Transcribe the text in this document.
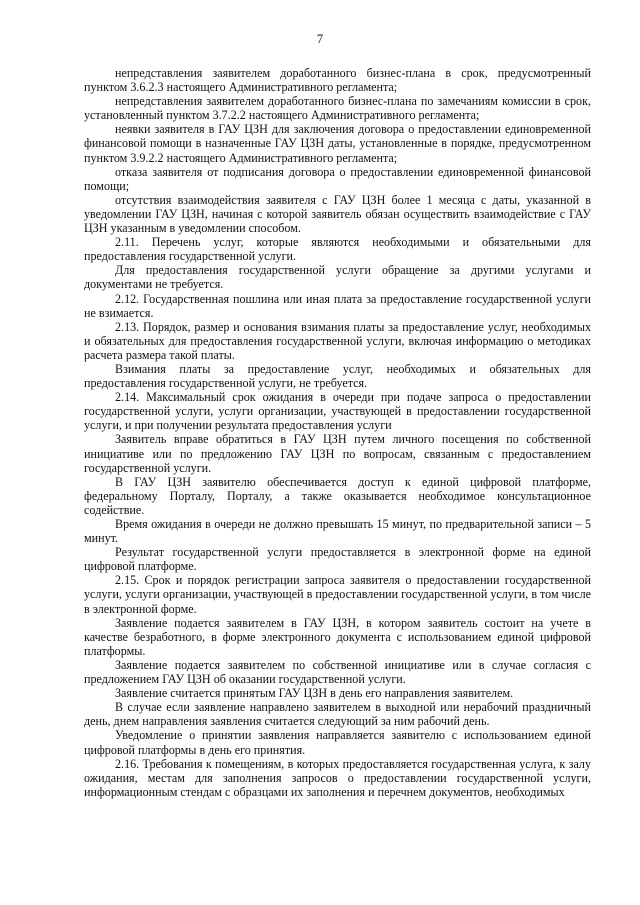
7

непредставления заявителем доработанного бизнес-плана в срок, предусмотренный пунктом 3.6.2.3 настоящего Административного регламента;

непредставления заявителем доработанного бизнес-плана по замечаниям комиссии в срок, установленный пунктом 3.7.2.2 настоящего Административного регламента;

неявки заявителя в ГАУ ЦЗН для заключения договора о предоставлении единовременной финансовой помощи в назначенные ГАУ ЦЗН даты, установленные в порядке, предусмотренном пунктом 3.9.2.2 настоящего Административного регламента;

отказа заявителя от подписания договора о предоставлении единовременной финансовой помощи;

отсутствия взаимодействия заявителя с ГАУ ЦЗН более 1 месяца с даты, указанной в уведомлении ГАУ ЦЗН, начиная с которой заявитель обязан осуществить взаимодействие с ГАУ ЦЗН указанным в уведомлении способом.

2.11. Перечень услуг, которые являются необходимыми и обязательными для предоставления государственной услуги.

Для предоставления государственной услуги обращение за другими услугами и документами не требуется.

2.12. Государственная пошлина или иная плата за предоставление государственной услуги не взимается.

2.13. Порядок, размер и основания взимания платы за предоставление услуг, необходимых и обязательных для предоставления государственной услуги, включая информацию о методиках расчета размера такой платы.

Взимания платы за предоставление услуг, необходимых и обязательных для предоставления государственной услуги, не требуется.

2.14. Максимальный срок ожидания в очереди при подаче запроса о предоставлении государственной услуги, услуги организации, участвующей в предоставлении государственной услуги, и при получении результата предоставления услуги

Заявитель вправе обратиться в ГАУ ЦЗН путем личного посещения по собственной инициативе или по предложению ГАУ ЦЗН по вопросам, связанным с предоставлением государственной услуги.

В ГАУ ЦЗН заявителю обеспечивается доступ к единой цифровой платформе, федеральному Порталу, Порталу, а также оказывается необходимое консультационное содействие.

Время ожидания в очереди не должно превышать 15 минут, по предварительной записи – 5 минут.

Результат государственной услуги предоставляется в электронной форме на единой цифровой платформе.

2.15. Срок и порядок регистрации запроса заявителя о предоставлении государственной услуги, услуги организации, участвующей в предоставлении государственной услуги, в том числе в электронной форме.

Заявление подается заявителем в ГАУ ЦЗН, в котором заявитель состоит на учете в качестве безработного, в форме электронного документа с использованием единой цифровой платформы.

Заявление подается заявителем по собственной инициативе или в случае согласия с предложением ГАУ ЦЗН об оказании государственной услуги.

Заявление считается принятым ГАУ ЦЗН в день его направления заявителем.

В случае если заявление направлено заявителем в выходной или нерабочий праздничный день, днем направления заявления считается следующий за ним рабочий день.

Уведомление о принятии заявления направляется заявителю с использованием единой цифровой платформы в день его принятия.

2.16. Требования к помещениям, в которых предоставляется государственная услуга, к залу ожидания, местам для заполнения запросов о предоставлении государственной услуги, информационным стендам с образцами их заполнения и перечнем документов, необходимых
